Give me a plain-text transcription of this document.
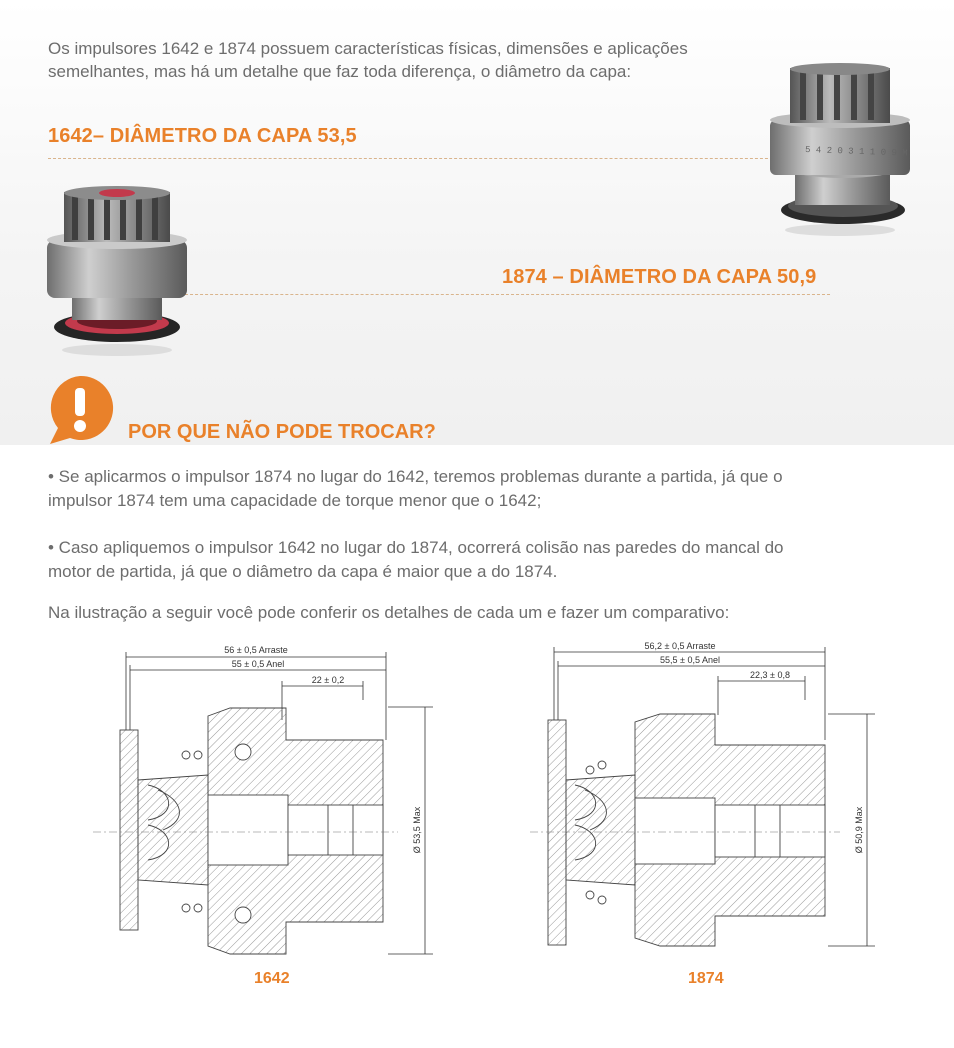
Os impulsores 1642 e 1874 possuem características físicas, dimensões e aplicações
semelhantes, mas há um detalhe que faz toda diferença, o diâmetro da capa:

1642– DIÂMETRO DA CAPA 53,5
1874 – DIÂMETRO DA CAPA 50,9
5 4 2 0 3 1 1 0 9 M
POR QUE NÃO PODE TROCAR?

• Se aplicarmos o impulsor 1874 no lugar do 1642, teremos problemas durante a partida, já que o
impulsor 1874 tem uma capacidade de torque menor que o 1642;

• Caso apliquemos o impulsor 1642 no lugar do 1874, ocorrerá colisão nas paredes do mancal do
motor de partida, já que o diâmetro da capa é maior que a do 1874.

Na ilustração a seguir você pode conferir os detalhes de cada um e fazer um comparativo:

56 ± 0,5 Arraste
55 ± 0,5 Anel
22 ± 0,2
Ø 53,5 Max
1642
56,2 ± 0,5 Arraste
55,5 ± 0,5 Anel
22,3 ± 0,8
Ø 50,9 Max
1874
